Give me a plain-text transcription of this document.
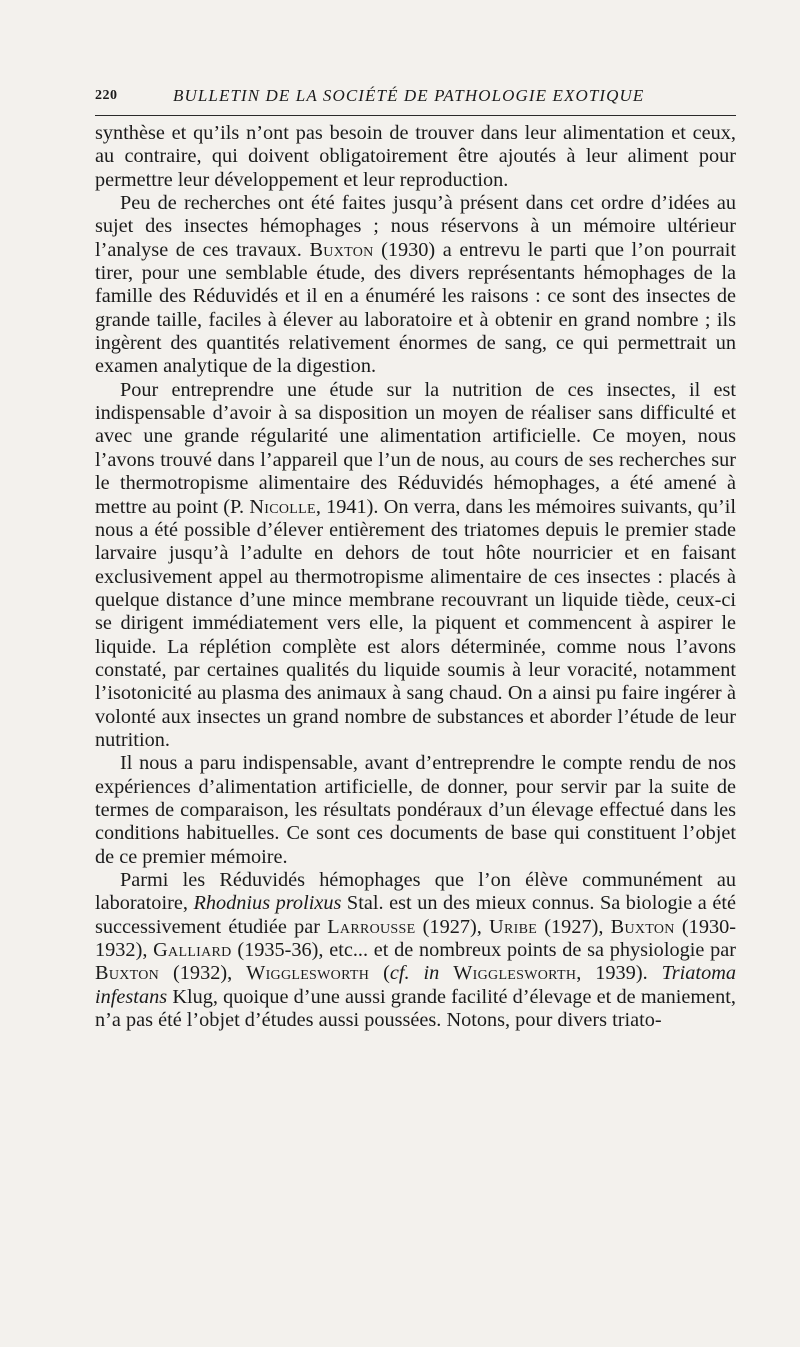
220	BULLETIN DE LA SOCIÉTÉ DE PATHOLOGIE EXOTIQUE

synthèse et qu’ils n’ont pas besoin de trouver dans leur alimentation et ceux, au contraire, qui doivent obligatoirement être ajoutés à leur aliment pour permettre leur développement et leur reproduction.

Peu de recherches ont été faites jusqu’à présent dans cet ordre d’idées au sujet des insectes hémophages ; nous réservons à un mémoire ultérieur l’analyse de ces travaux. Buxton (1930) a entrevu le parti que l’on pourrait tirer, pour une semblable étude, des divers représentants hémophages de la famille des Réduvidés et il en a énuméré les raisons : ce sont des insectes de grande taille, faciles à élever au laboratoire et à obtenir en grand nombre ; ils ingèrent des quantités relativement énormes de sang, ce qui permettrait un examen analytique de la digestion.

Pour entreprendre une étude sur la nutrition de ces insectes, il est indispensable d’avoir à sa disposition un moyen de réaliser sans difficulté et avec une grande régularité une alimentation artificielle. Ce moyen, nous l’avons trouvé dans l’appareil que l’un de nous, au cours de ses recherches sur le thermotropisme alimentaire des Réduvidés hémophages, a été amené à mettre au point (P. Nicolle, 1941). On verra, dans les mémoires suivants, qu’il nous a été possible d’élever entièrement des triatomes depuis le premier stade larvaire jusqu’à l’adulte en dehors de tout hôte nourricier et en faisant exclusivement appel au thermotropisme alimentaire de ces insectes : placés à quelque distance d’une mince membrane recouvrant un liquide tiède, ceux-ci se dirigent immédiatement vers elle, la piquent et commencent à aspirer le liquide. La réplétion complète est alors déterminée, comme nous l’avons constaté, par certaines qualités du liquide soumis à leur voracité, notamment l’isotonicité au plasma des animaux à sang chaud. On a ainsi pu faire ingérer à volonté aux insectes un grand nombre de substances et aborder l’étude de leur nutrition.

Il nous a paru indispensable, avant d’entreprendre le compte rendu de nos expériences d’alimentation artificielle, de donner, pour servir par la suite de termes de comparaison, les résultats pondéraux d’un élevage effectué dans les conditions habituelles. Ce sont ces documents de base qui constituent l’objet de ce premier mémoire.

Parmi les Réduvidés hémophages que l’on élève communément au laboratoire, Rhodnius prolixus Stal. est un des mieux connus. Sa biologie a été successivement étudiée par Larrousse (1927), Uribe (1927), Buxton (1930-1932), Galliard (1935-36), etc... et de nombreux points de sa physiologie par Buxton (1932), Wigglesworth (cf. in Wigglesworth, 1939). Triatoma infestans Klug, quoique d’une aussi grande facilité d’élevage et de maniement, n’a pas été l’objet d’études aussi poussées. Notons, pour divers triato-
